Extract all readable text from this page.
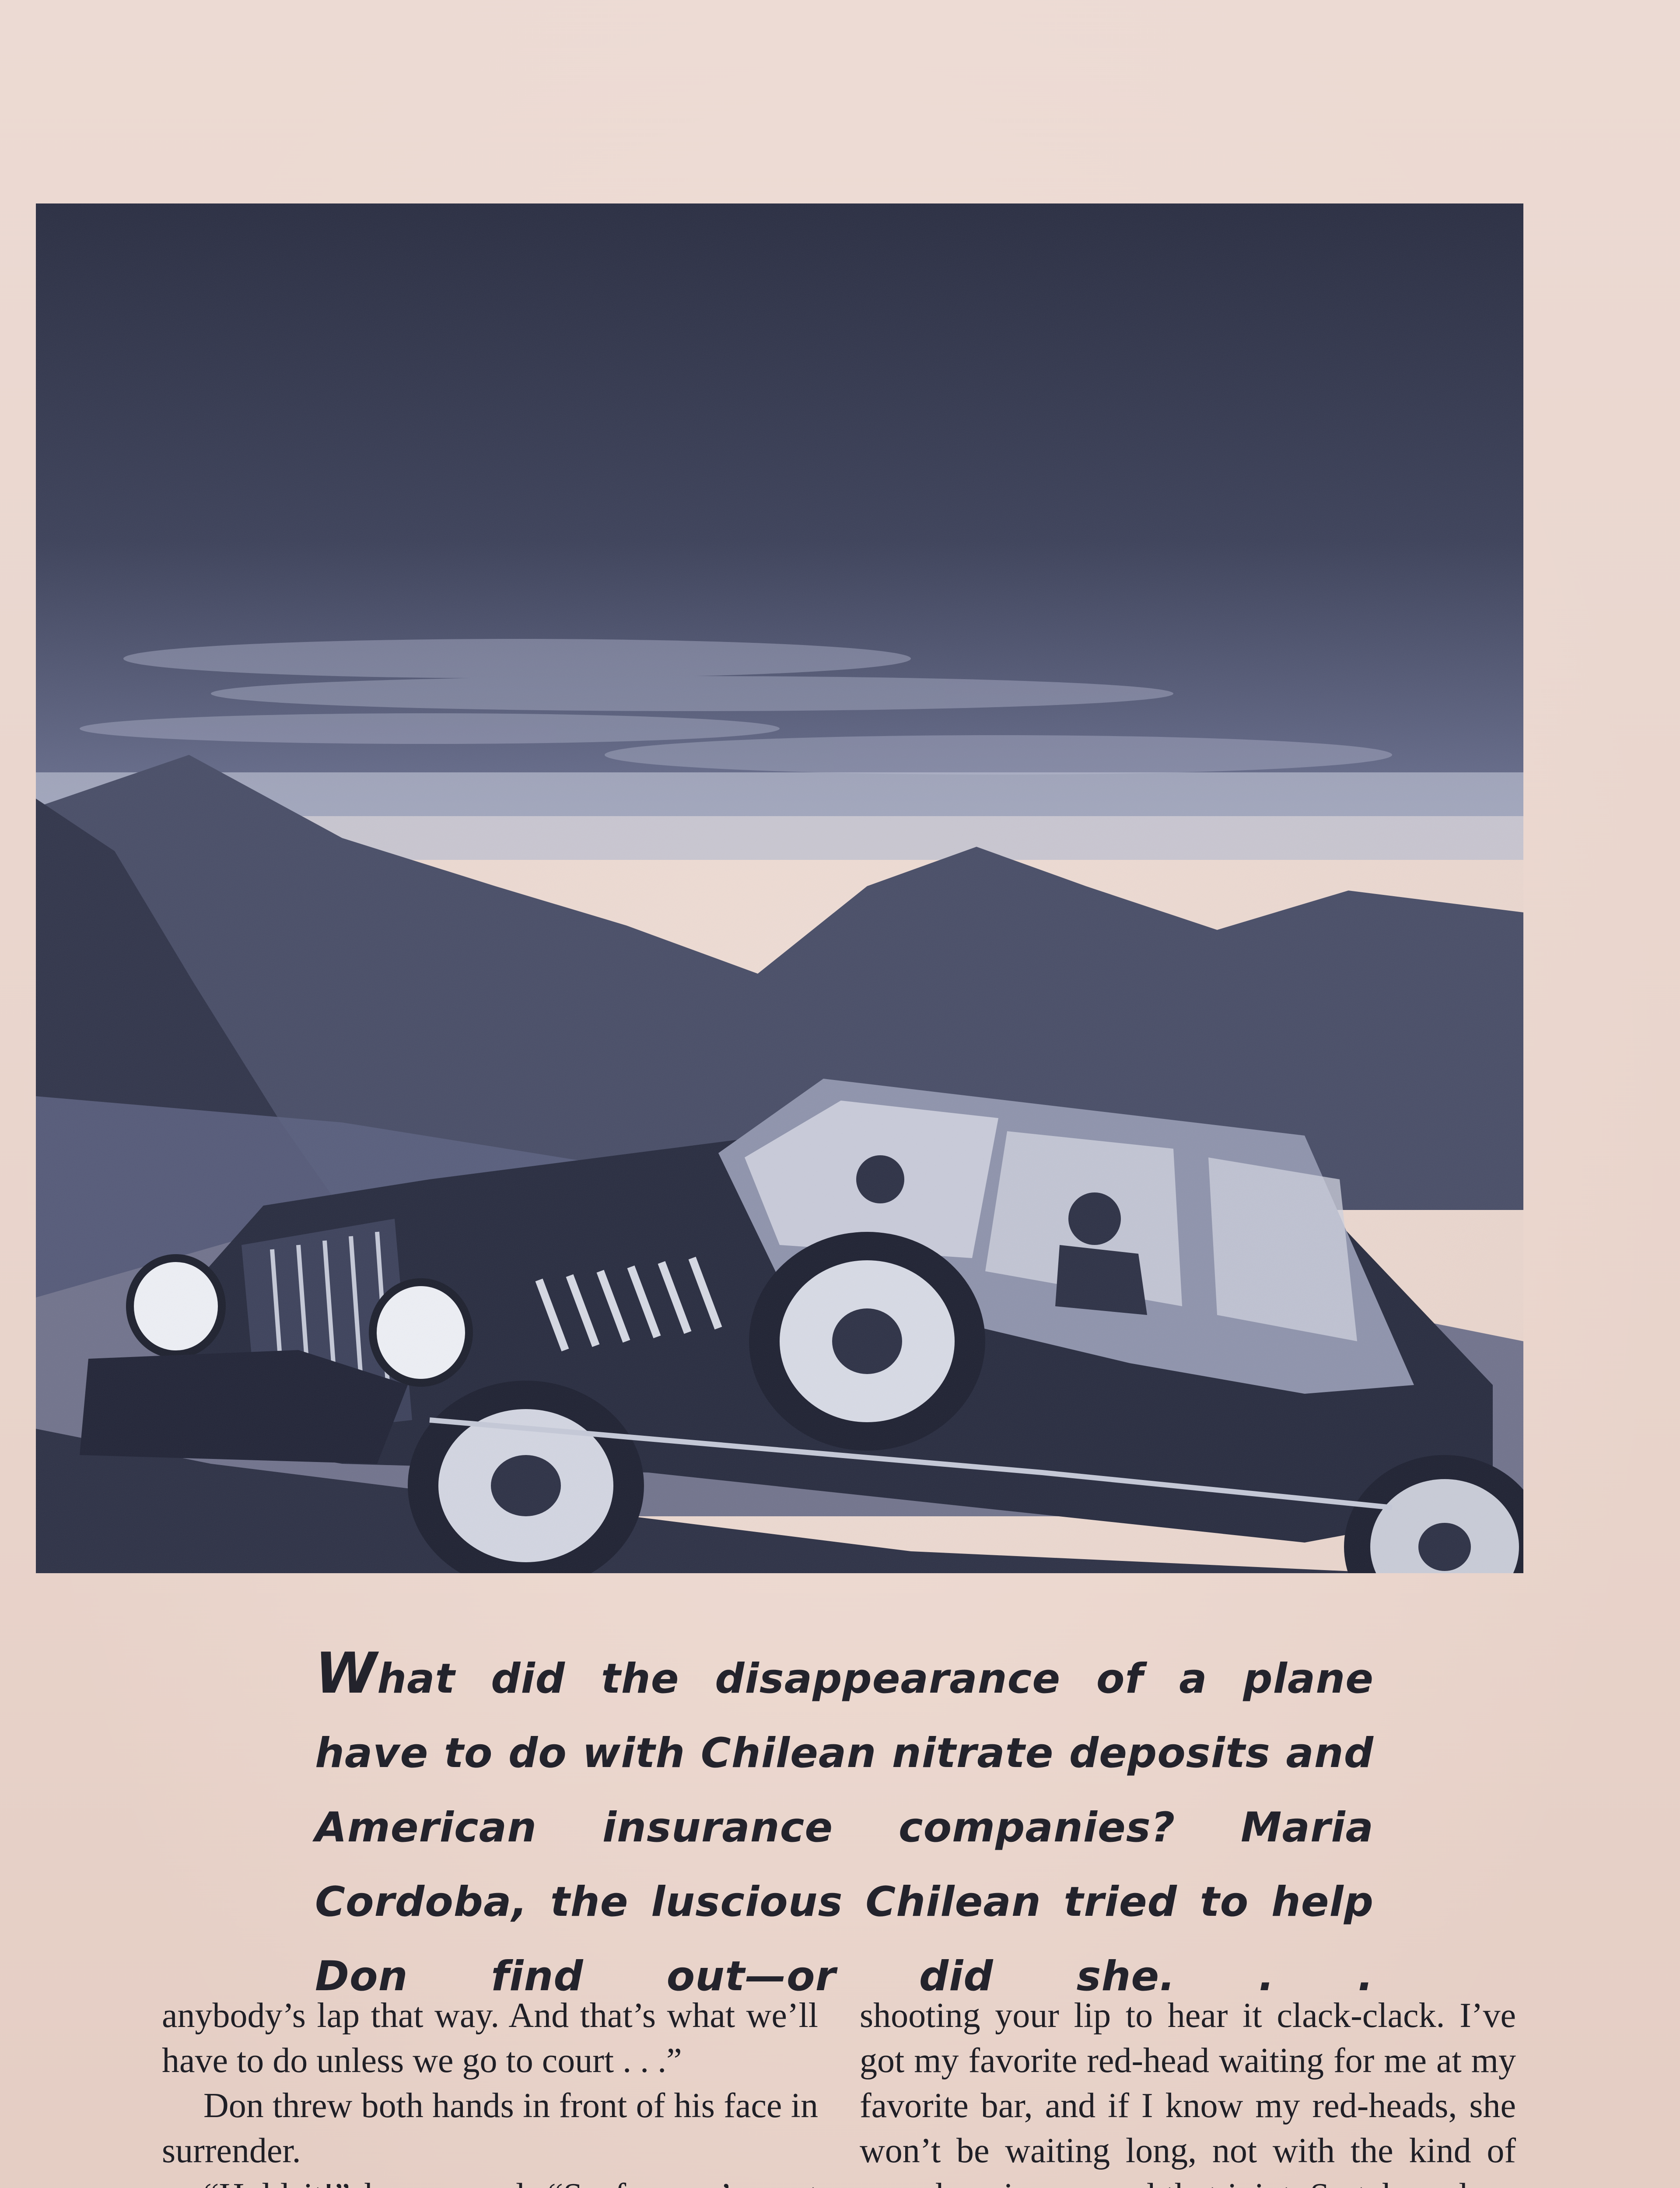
What did the disappearance of a plane have to do with Chilean nitrate deposits and American insurance companies? Maria Cordoba, the luscious Chilean tried to help Don find out—or did she. . .

anybody’s lap that way. And that’s what we’ll have to do unless we go to court . . .”

Don threw both hands in front of his face in surrender.

shooting your lip to hear it clack-clack. I’ve got my favorite red-head waiting for me at my favorite bar, and if I know my red-heads, she won’t be waiting long, not with the kind of
